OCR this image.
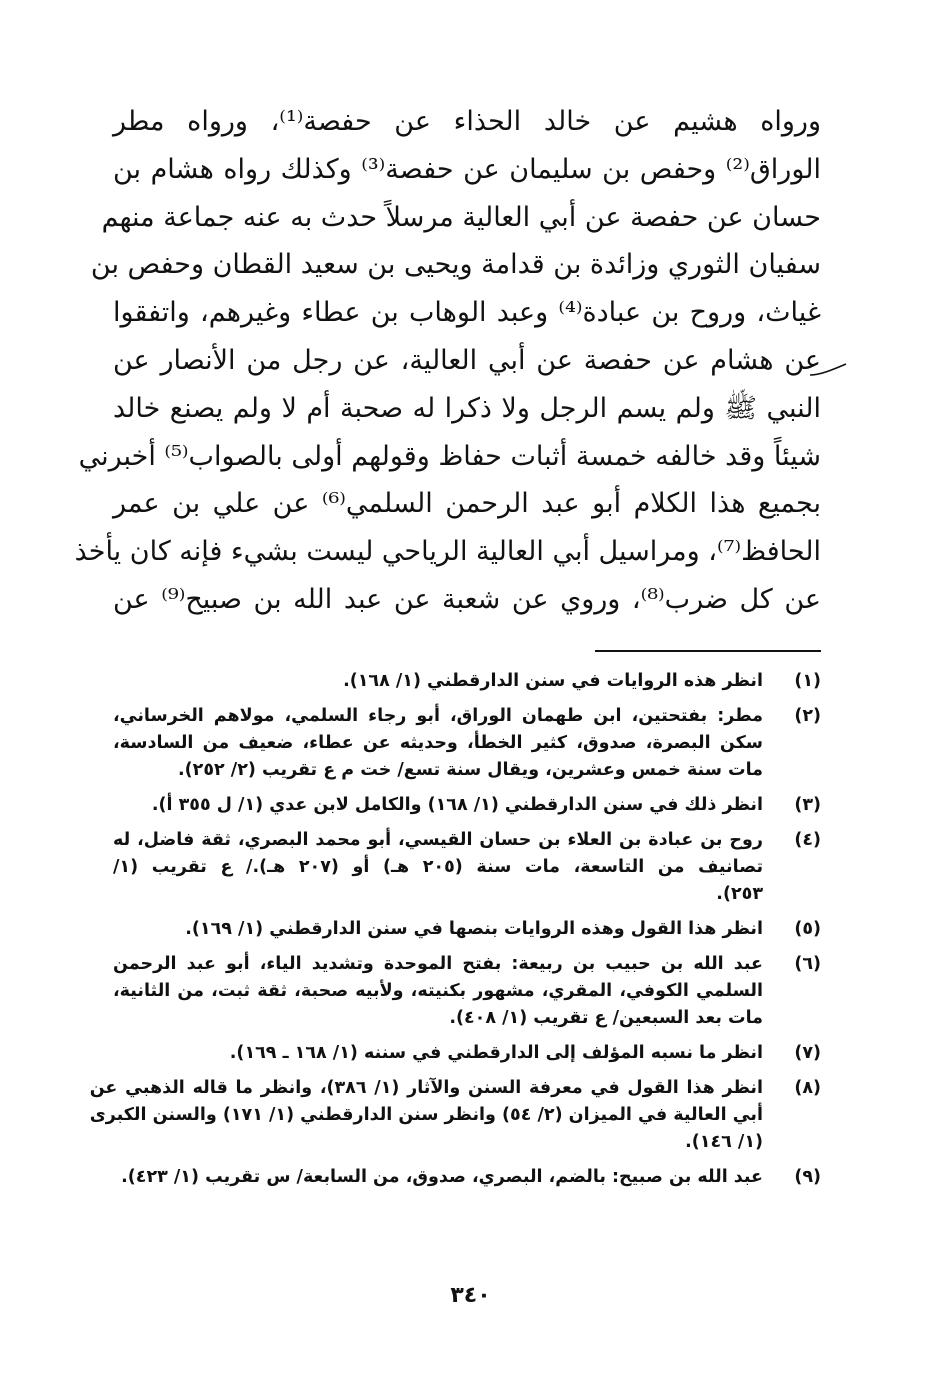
ورواه هشيم عن خالد الحذاء عن حفصة⁽¹⁾، ورواه مطر
الوراق⁽²⁾ وحفص بن سليمان عن حفصة⁽³⁾ وكذلك رواه هشام بن
حسان عن حفصة عن أبي العالية مرسلاً حدث به عنه جماعة منهم
سفيان الثوري وزائدة بن قدامة ويحيى بن سعيد القطان وحفص بن
غياث، وروح بن عبادة⁽⁴⁾ وعبد الوهاب بن عطاء وغيرهم، واتفقوا
عن هشام عن حفصة عن أبي العالية، عن رجل من الأنصار عن
النبي ﷺ ولم يسم الرجل ولا ذكرا له صحبة أم لا ولم يصنع خالد
شيئاً وقد خالفه خمسة أثبات حفاظ وقولهم أولى بالصواب⁽⁵⁾ أخبرني
بجميع هذا الكلام أبو عبد الرحمن السلمي⁽⁶⁾ عن علي بن عمر
الحافظ⁽⁷⁾، ومراسيل أبي العالية الرياحي ليست بشيء فإنه كان يأخذ
عن كل ضرب⁽⁸⁾، وروي عن شعبة عن عبد الله بن صبيح⁽⁹⁾ عن
(١)
انظر هذه الروايات في سنن الدارقطني (١/ ١٦٨).
(٢)
مطر: بفتحتين، ابن طهمان الوراق، أبو رجاء السلمي، مولاهم الخرساني،
سكن البصرة، صدوق، كثير الخطأ، وحديثه عن عطاء، ضعيف من السادسة،
مات سنة خمس وعشرين، ويقال سنة تسع/ خت م ع تقريب (٢/ ٢٥٢).
(٣)
انظر ذلك في سنن الدارقطني (١/ ١٦٨) والكامل لابن عدي (١/ ل ٣٥٥ أ).
(٤)
روح بن عبادة بن العلاء بن حسان القيسي، أبو محمد البصري، ثقة فاضل، له
تصانيف من التاسعة، مات سنة (٢٠٥ هـ) أو (٢٠٧ هـ)./ ع تقريب (١/
٢٥٣).
(٥)
انظر هذا القول وهذه الروايات بنصها في سنن الدارقطني (١/ ١٦٩).
(٦)
عبد الله بن حبيب بن ربيعة: بفتح الموحدة وتشديد الياء، أبو عبد الرحمن
السلمي الكوفي، المقري، مشهور بكنيته، ولأبيه صحبة، ثقة ثبت، من الثانية،
مات بعد السبعين/ ع تقريب (١/ ٤٠٨).
(٧)
انظر ما نسبه المؤلف إلى الدارقطني في سننه (١/ ١٦٨ ـ ١٦٩).
(٨)
انظر هذا القول في معرفة السنن والآثار (١/ ٣٨٦)، وانظر ما قاله الذهبي عن
أبي العالية في الميزان (٢/ ٥٤) وانظر سنن الدارقطني (١/ ١٧١) والسنن الكبرى
(١/ ١٤٦).
(٩)
عبد الله بن صبيح: بالضم، البصري، صدوق، من السابعة/ س تقريب (١/ ٤٢٣).
٣٤٠
